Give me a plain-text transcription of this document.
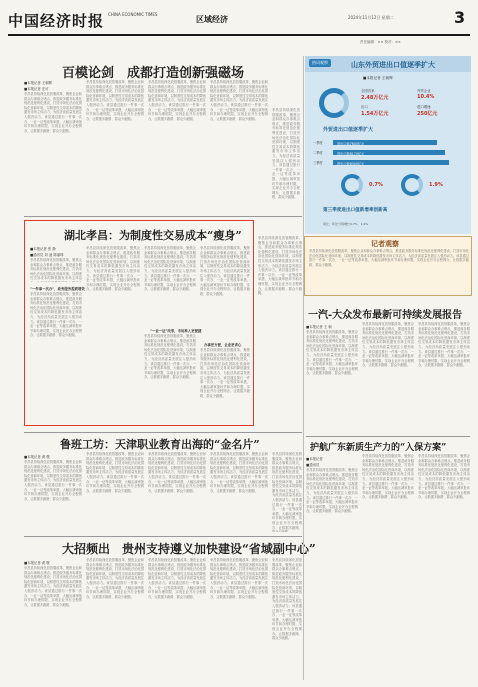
中国经济时报 CHINA ECONOMIC TIMES
区域经济	2024年11月12日 星期二	3
责任编辑：×× 校对：××
百模论剑　成都打造创新强磁场
■本报记者 王朝辉
■本报记者 庄可
孝昌县持续深化放管服改革，聚焦企业和群众办事难点堵点，推进政务服务标准化规范化便利化建设，打造市场化法治化国际化营商环境，以制度性交易成本的降低激发市场主体活力，为经济高质量发展注入强劲动力。该县通过推行一件事一次办、一业一证等改革举措，大幅压减审批环节和办理时限，实现企业开办全程网办，让数据多跑路、群众少跑腿。
孝昌县持续深化放管服改革，聚焦企业和群众办事难点堵点，推进政务服务标准化规范化便利化建设，打造市场化法治化国际化营商环境，以制度性交易成本的降低激发市场主体活力，为经济高质量发展注入强劲动力。该县通过推行一件事一次办、一业一证等改革举措，大幅压减审批环节和办理时限，实现企业开办全程网办，让数据多跑路、群众少跑腿。
孝昌县持续深化放管服改革，聚焦企业和群众办事难点堵点，推进政务服务标准化规范化便利化建设，打造市场化法治化国际化营商环境，以制度性交易成本的降低激发市场主体活力，为经济高质量发展注入强劲动力。该县通过推行一件事一次办、一业一证等改革举措，大幅压减审批环节和办理时限，实现企业开办全程网办，让数据多跑路、群众少跑腿。
孝昌县持续深化放管服改革，聚焦企业和群众办事难点堵点，推进政务服务标准化规范化便利化建设，打造市场化法治化国际化营商环境，以制度性交易成本的降低激发市场主体活力，为经济高质量发展注入强劲动力。该县通过推行一件事一次办、一业一证等改革举措，大幅压减审批环节和办理时限，实现企业开办全程网办，让数据多跑路、群众少跑腿。
孝昌县持续深化放管服改革，聚焦企业和群众办事难点堵点，推进政务服务标准化规范化便利化建设，打造市场化法治化国际化营商环境，以制度性交易成本的降低激发市场主体活力，为经济高质量发展注入强劲动力。该县通过推行一件事一次办、一业一证等改革举措，大幅压减审批环节和办理时限，实现企业开办全程网办，让数据多跑路、群众少跑腿。
湖北孝昌：为制度性交易成本“瘦身”
■本报记者 张 静
■通讯员 刘 凌 陈丽珠
孝昌县持续深化放管服改革，聚焦企业和群众办事难点堵点，推进政务服务标准化规范化便利化建设，打造市场化法治化国际化营商环境，以制度性交易成本的降低激发市场主体活
“一件事一次办”，政务服务提质增效
孝昌县持续深化放管服改革，聚焦企业和群众办事难点堵点，推进政务服务标准化规范化便利化建设，打造市场化法治化国际化营商环境，以制度性交易成本的降低激发市场主体活力，为经济高质量发展注入强劲动力。该县通过推行一件事一次办、一业一证等改革举措，大幅压减审批环节和办理时限，实现企业开办全程网办，让数据多跑路、群众少跑腿。
孝昌县持续深化放管服改革，聚焦企业和群众办事难点堵点，推进政务服务标准化规范化便利化建设，打造市场化法治化国际化营商环境，以制度性交易成本的降低激发市场主体活力，为经济高质量发展注入强劲动力。该县通过推行一件事一次办、一业一证等改革举措，大幅压减审批环节和办理时限，实现企业开办全程网办，让数据多跑路、群众少跑腿。
孝昌县持续深化放管服改革，聚焦企业和群众办事难点堵点，推进政务服务标准化规范化便利化建设，打造市场化法治化国际化营商环境，以制度性交易成本的降低激发市场主体活力，为经济高质量发展注入强劲动力。该县通过推行一件事一次办、一业一证等改革举措，大幅压减审批环节和办理时限，实现企业开办全程网办，让数据多跑路、群众少跑腿。
“一业一证”改革，市场准入更便捷
孝昌县持续深化放管服改革，聚焦企业和群众办事难点堵点，推进政务服务标准化规范化便利化建设，打造市场化法治化国际化营商环境，以制度性交易成本的降低激发市场主体活力，为经济高质量发展注入强劲动力。该县通过推行一件事一次办、一业一证等改革举措，大幅压减审批环节和办理时限，实现企业开办全程网办，让数据多跑路、群众少跑腿。
孝昌县持续深化放管服改革，聚焦企业和群众办事难点堵点，推进政务服务标准化规范化便利化建设，打造市场化法治化国际化营商环境，以制度性交易成本的降低激发市场主体活力，为经济高质量发展注入强劲动力。该县通过推行一件事一次办、一业一证等改革举措，大幅压减审批环节和办理时限，实现企业开办全程网办，让数据多跑路、群众少跑腿。
办事更方便，企业更省心
孝昌县持续深化放管服改革，聚焦企业和群众办事难点堵点，推进政务服务标准化规范化便利化建设，打造市场化法治化国际化营商环境，以制度性交易成本的降低激发市场主体活力，为经济高质量发展注入强劲动力。该县通过推行一件事一次办、一业一证等改革举措，大幅压减审批环节和办理时限，实现企业开办全程网办，让数据多跑路、群众少跑腿。
孝昌县持续深化放管服改革，聚焦企业和群众办事难点堵点，推进政务服务标准化规范化便利化建设，打造市场化法治化国际化营商环境，以制度性交易成本的降低激发市场主体活力，为经济高质量发展注入强劲动力。该县通过推行一件事一次办、一业一证等改革举措，大幅压减审批环节和办理时限，实现企业开办全程网办，让数据多跑路、群众少跑腿。
鲁班工坊：天津职业教育出海的“金名片”
■本报记者 黄 骏
孝昌县持续深化放管服改革，聚焦企业和群众办事难点堵点，推进政务服务标准化规范化便利化建设，打造市场化法治化国际化营商环境，以制度性交易成本的降低激发市场主体活力，为经济高质量发展注入强劲动力。该县通过推行一件事一次办、一业一证等改革举措，大幅压减审批环节和办理时限，实现企业开办全程网办，让数据多跑路、群众少跑腿。
孝昌县持续深化放管服改革，聚焦企业和群众办事难点堵点，推进政务服务标准化规范化便利化建设，打造市场化法治化国际化营商环境，以制度性交易成本的降低激发市场主体活力，为经济高质量发展注入强劲动力。该县通过推行一件事一次办、一业一证等改革举措，大幅压减审批环节和办理时限，实现企业开办全程网办，让数据多跑路、群众少跑腿。
孝昌县持续深化放管服改革，聚焦企业和群众办事难点堵点，推进政务服务标准化规范化便利化建设，打造市场化法治化国际化营商环境，以制度性交易成本的降低激发市场主体活力，为经济高质量发展注入强劲动力。该县通过推行一件事一次办、一业一证等改革举措，大幅压减审批环节和办理时限，实现企业开办全程网办，让数据多跑路、群众少跑腿。
孝昌县持续深化放管服改革，聚焦企业和群众办事难点堵点，推进政务服务标准化规范化便利化建设，打造市场化法治化国际化营商环境，以制度性交易成本的降低激发市场主体活力，为经济高质量发展注入强劲动力。该县通过推行一件事一次办、一业一证等改革举措，大幅压减审批环节和办理时限，实现企业开办全程网办，让数据多跑路、群众少跑腿。
孝昌县持续深化放管服改革，聚焦企业和群众办事难点堵点，推进政务服务标准化规范化便利化建设，打造市场化法治化国际化营商环境，以制度性交易成本的降低激发市场主体活力，为经济高质量发展注入强劲动力。该县通过推行一件事一次办、一业一证等改革举措，大幅压减审批环节和办理时限，实现企业开办全程网办，让数据多跑路、
大招频出　贵州支持遵义加快建设“省域副中心”
■本报记者 黄 骏
孝昌县持续深化放管服改革，聚焦企业和群众办事难点堵点，推进政务服务标准化规范化便利化建设，打造市场化法治化国际化营商环境，以制度性交易成本的降低激发市场主体活力，为经济高质量发展注入强劲动力。该县通过推行一件事一次办、一业一证等改革举措，大幅压减审批环节和办理时限，实现企业开办全程网办，让数据多跑路、群众少跑腿。
孝昌县持续深化放管服改革，聚焦企业和群众办事难点堵点，推进政务服务标准化规范化便利化建设，打造市场化法治化国际化营商环境，以制度性交易成本的降低激发市场主体活力，为经济高质量发展注入强劲动力。该县通过推行一件事一次办、一业一证等改革举措，大幅压减审批环节和办理时限，实现企业开办全程网办，让数据多跑路、群众少跑腿。
孝昌县持续深化放管服改革，聚焦企业和群众办事难点堵点，推进政务服务标准化规范化便利化建设，打造市场化法治化国际化营商环境，以制度性交易成本的降低激发市场主体活力，为经济高质量发展注入强劲动力。该县通过推行一件事一次办、一业一证等改革举措，大幅压减审批环节和办理时限，实现企业开办全程网办，让数据多跑路、群众少跑腿。
孝昌县持续深化放管服改革，聚焦企业和群众办事难点堵点，推进政务服务标准化规范化便利化建设，打造市场化法治化国际化营商环境，以制度性交易成本的降低激发市场主体活力，为经济高质量发展注入强劲动力。该县通过推行一件事一次办、一业一证等改革举措，大幅压减审批环节和办理时限，实现企业开办全程网办，让数据多跑路、群众少跑腿。
孝昌县持续深化放管服改革，聚焦企业和群众办事难点堵点，推进政务服务标准化规范化便利化建设，打造市场化法治化国际化营商环境，以制度性交易成本的降低激发市场主体活力，为经济高质量发展注入强劲动力。该县通过推行一件事一次办、一业一证等改革举措，大幅压减审批环节和办理时限，实现企业开办全程网办，让数据多跑路、群众少跑腿。
热词观察	山东外贸进出口值逐季扩大
■本报记者 王朝辉
全国首家
2.48万亿元
出口
1.54万亿元
外贸企业
10.4%
进口增速
250亿元
外贸进出口值逐季扩大
一季度	进出口值7600亿元
二季度	进出口值8170亿元
三季度	进出口值8300亿元
0.7%	1.9%
第三季度进出口值新增率创新高
同比、环比分别增长0.7%、1.9%
记者观察
孝昌县持续深化放管服改革，聚焦企业和群众办事难点堵点，推进政务服务标准化规范化便利化建设，打造市场化法治化国际化营商环境，以制度性交易成本的降低激发市场主体活力，为经济高质量发展注入强劲动力。该县通过推行一件事一次办、一业一证等改革举措，大幅压减审批环节和办理时限，实现企业开办全程网办，让数据多跑路、群众少跑腿。
一汽-大众发布最新可持续发展报告
■本报记者 王 朝
孝昌县持续深化放管服改革，聚焦企业和群众办事难点堵点，推进政务服务标准化规范化便利化建设，打造市场化法治化国际化营商环境，以制度性交易成本的降低激发市场主体活力，为经济高质量发展注入强劲动力。该县通过推行一件事一次办、一业一证等改革举措，大幅压减审批环节和办理时限，实现企业开办全程网办，让数据多跑路、群众少跑腿。
孝昌县持续深化放管服改革，聚焦企业和群众办事难点堵点，推进政务服务标准化规范化便利化建设，打造市场化法治化国际化营商环境，以制度性交易成本的降低激发市场主体活力，为经济高质量发展注入强劲动力。该县通过推行一件事一次办、一业一证等改革举措，大幅压减审批环节和办理时限，实现企业开办全程网办，让数据多跑路、群众少跑腿。
孝昌县持续深化放管服改革，聚焦企业和群众办事难点堵点，推进政务服务标准化规范化便利化建设，打造市场化法治化国际化营商环境，以制度性交易成本的降低激发市场主体活力，为经济高质量发展注入强劲动力。该县通过推行一件事一次办、一业一证等改革举措，大幅压减审批环节和办理时限，实现企业开办全程网办，让数据多跑路、群众少跑腿。
护航广东新质生产力的“入保方案”
■本报记者
■通讯员
孝昌县持续深化放管服改革，聚焦企业和群众办事难点堵点，推进政务服务标准化规范化便利化建设，打造市场化法治化国际化营商环境，以制度性交易成本的降低激发市场主体活力，为经济高质量发展注入强劲动力。该县通过推行一件事一次办、一业一证等改革举措，大幅压减审批环节和办理时限，实现企业开办全程网办，让数据多跑路、群众少跑腿。
孝昌县持续深化放管服改革，聚焦企业和群众办事难点堵点，推进政务服务标准化规范化便利化建设，打造市场化法治化国际化营商环境，以制度性交易成本的降低激发市场主体活力，为经济高质量发展注入强劲动力。该县通过推行一件事一次办、一业一证等改革举措，大幅压减审批环节和办理时限，实现企业开办全程网办，让数据多跑路、群众少跑腿。
孝昌县持续深化放管服改革，聚焦企业和群众办事难点堵点，推进政务服务标准化规范化便利化建设，打造市场化法治化国际化营商环境，以制度性交易成本的降低激发市场主体活力，为经济高质量发展注入强劲动力。该县通过推行一件事一次办、一业一证等改革举措，大幅压减审批环节和办理时限，实现企业开办全程网办，让数据多跑路、群众少跑腿。
